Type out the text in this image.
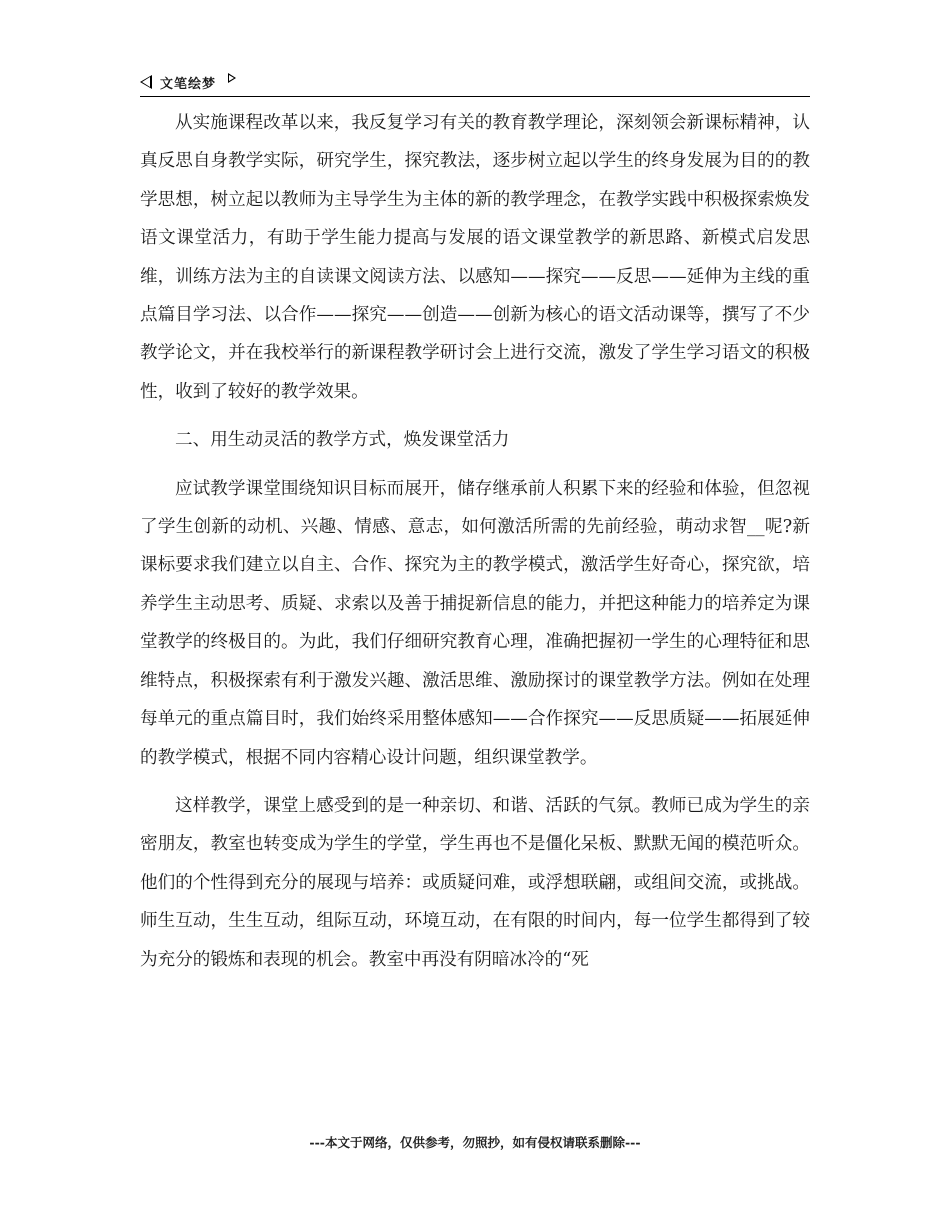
文笔绘梦

从实施课程改革以来，我反复学习有关的教育教学理论，深刻领会新课标精神，认真反思自身教学实际，研究学生，探究教法，逐步树立起以学生的终身发展为目的的教学思想，树立起以教师为主导学生为主体的新的教学理念，在教学实践中积极探索焕发语文课堂活力，有助于学生能力提高与发展的语文课堂教学的新思路、新模式启发思维，训练方法为主的自读课文阅读方法、以感知——探究——反思——延伸为主线的重点篇目学习法、以合作——探究——创造——创新为核心的语文活动课等，撰写了不少教学论文，并在我校举行的新课程教学研讨会上进行交流，激发了学生学习语文的积极性，收到了较好的教学效果。

二、用生动灵活的教学方式，焕发课堂活力

应试教学课堂围绕知识目标而展开，储存继承前人积累下来的经验和体验，但忽视了学生创新的动机、兴趣、情感、意志，如何激活所需的先前经验，萌动求智__呢?新课标要求我们建立以自主、合作、探究为主的教学模式，激活学生好奇心，探究欲，培养学生主动思考、质疑、求索以及善于捕捉新信息的能力，并把这种能力的培养定为课堂教学的终极目的。为此，我们仔细研究教育心理，准确把握初一学生的心理特征和思维特点，积极探索有利于激发兴趣、激活思维、激励探讨的课堂教学方法。例如在处理每单元的重点篇目时，我们始终采用整体感知——合作探究——反思质疑——拓展延伸的教学模式，根据不同内容精心设计问题，组织课堂教学。

这样教学，课堂上感受到的是一种亲切、和谐、活跃的气氛。教师已成为学生的亲密朋友，教室也转变成为学生的学堂，学生再也不是僵化呆板、默默无闻的模范听众。他们的个性得到充分的展现与培养：或质疑问难，或浮想联翩，或组间交流，或挑战。师生互动，生生互动，组际互动，环境互动，在有限的时间内，每一位学生都得到了较为充分的锻炼和表现的机会。教室中再没有阴暗冰冷的“死

---本文于网络，仅供参考，勿照抄，如有侵权请联系删除---
